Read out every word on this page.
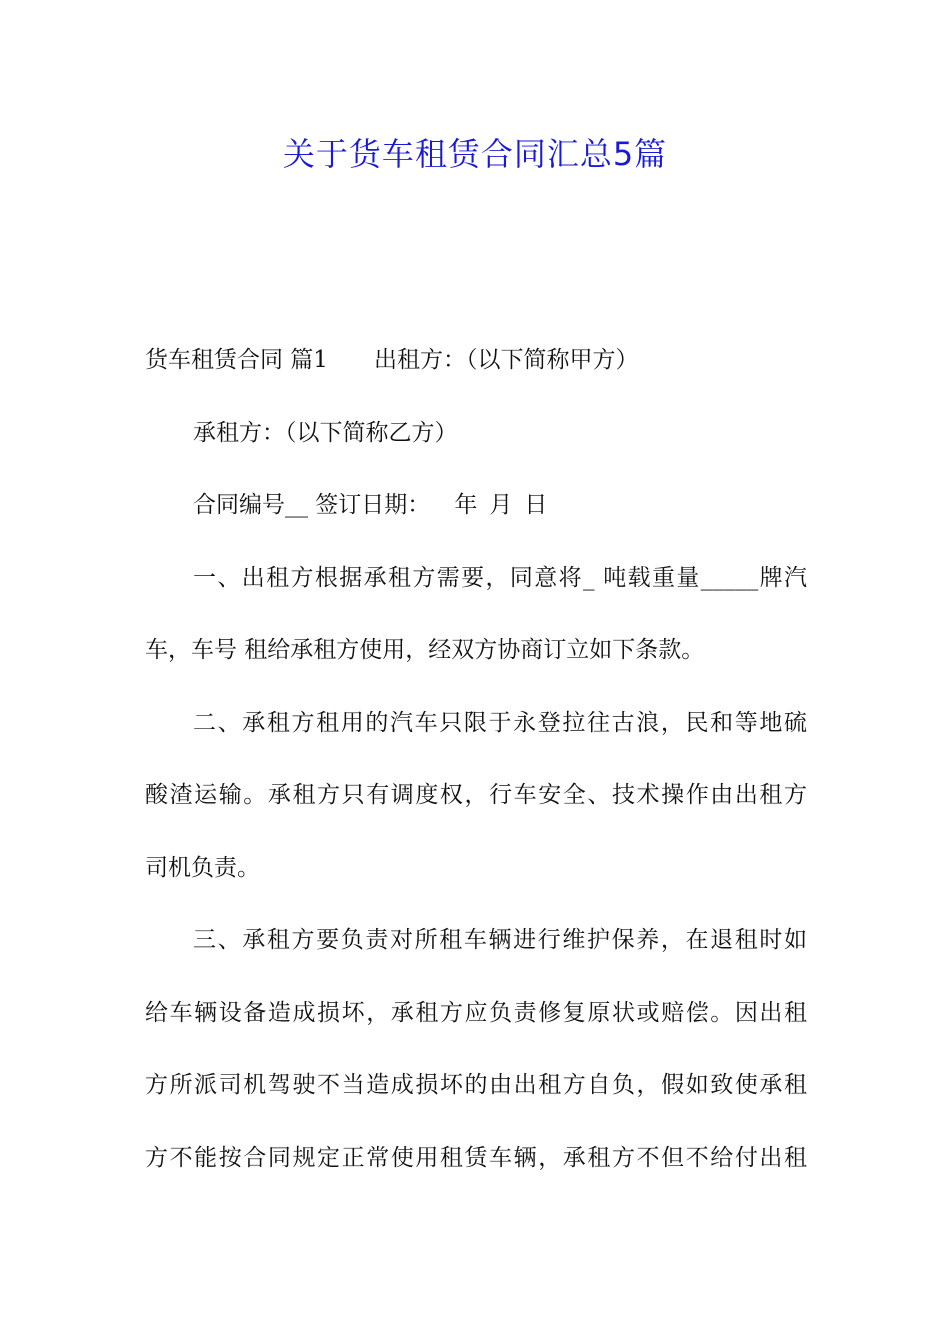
关于货车租赁合同汇总5篇
货车租赁合同 篇1 出租方：（以下简称甲方）
承租方：（以下简称乙方）
合同编号__ 签订日期： 年 月 日
一、出租方根据承租方需要，同意将_ 吨载重量_____牌汽
车，车号 租给承租方使用，经双方协商订立如下条款。
二、承租方租用的汽车只限于永登拉往古浪，民和等地硫
酸渣运输。承租方只有调度权，行车安全、技术操作由出租方
司机负责。
三、承租方要负责对所租车辆进行维护保养，在退租时如
给车辆设备造成损坏，承租方应负责修复原状或赔偿。因出租
方所派司机驾驶不当造成损坏的由出租方自负，假如致使承租
方不能按合同规定正常使用租赁车辆，承租方不但不给付出租
